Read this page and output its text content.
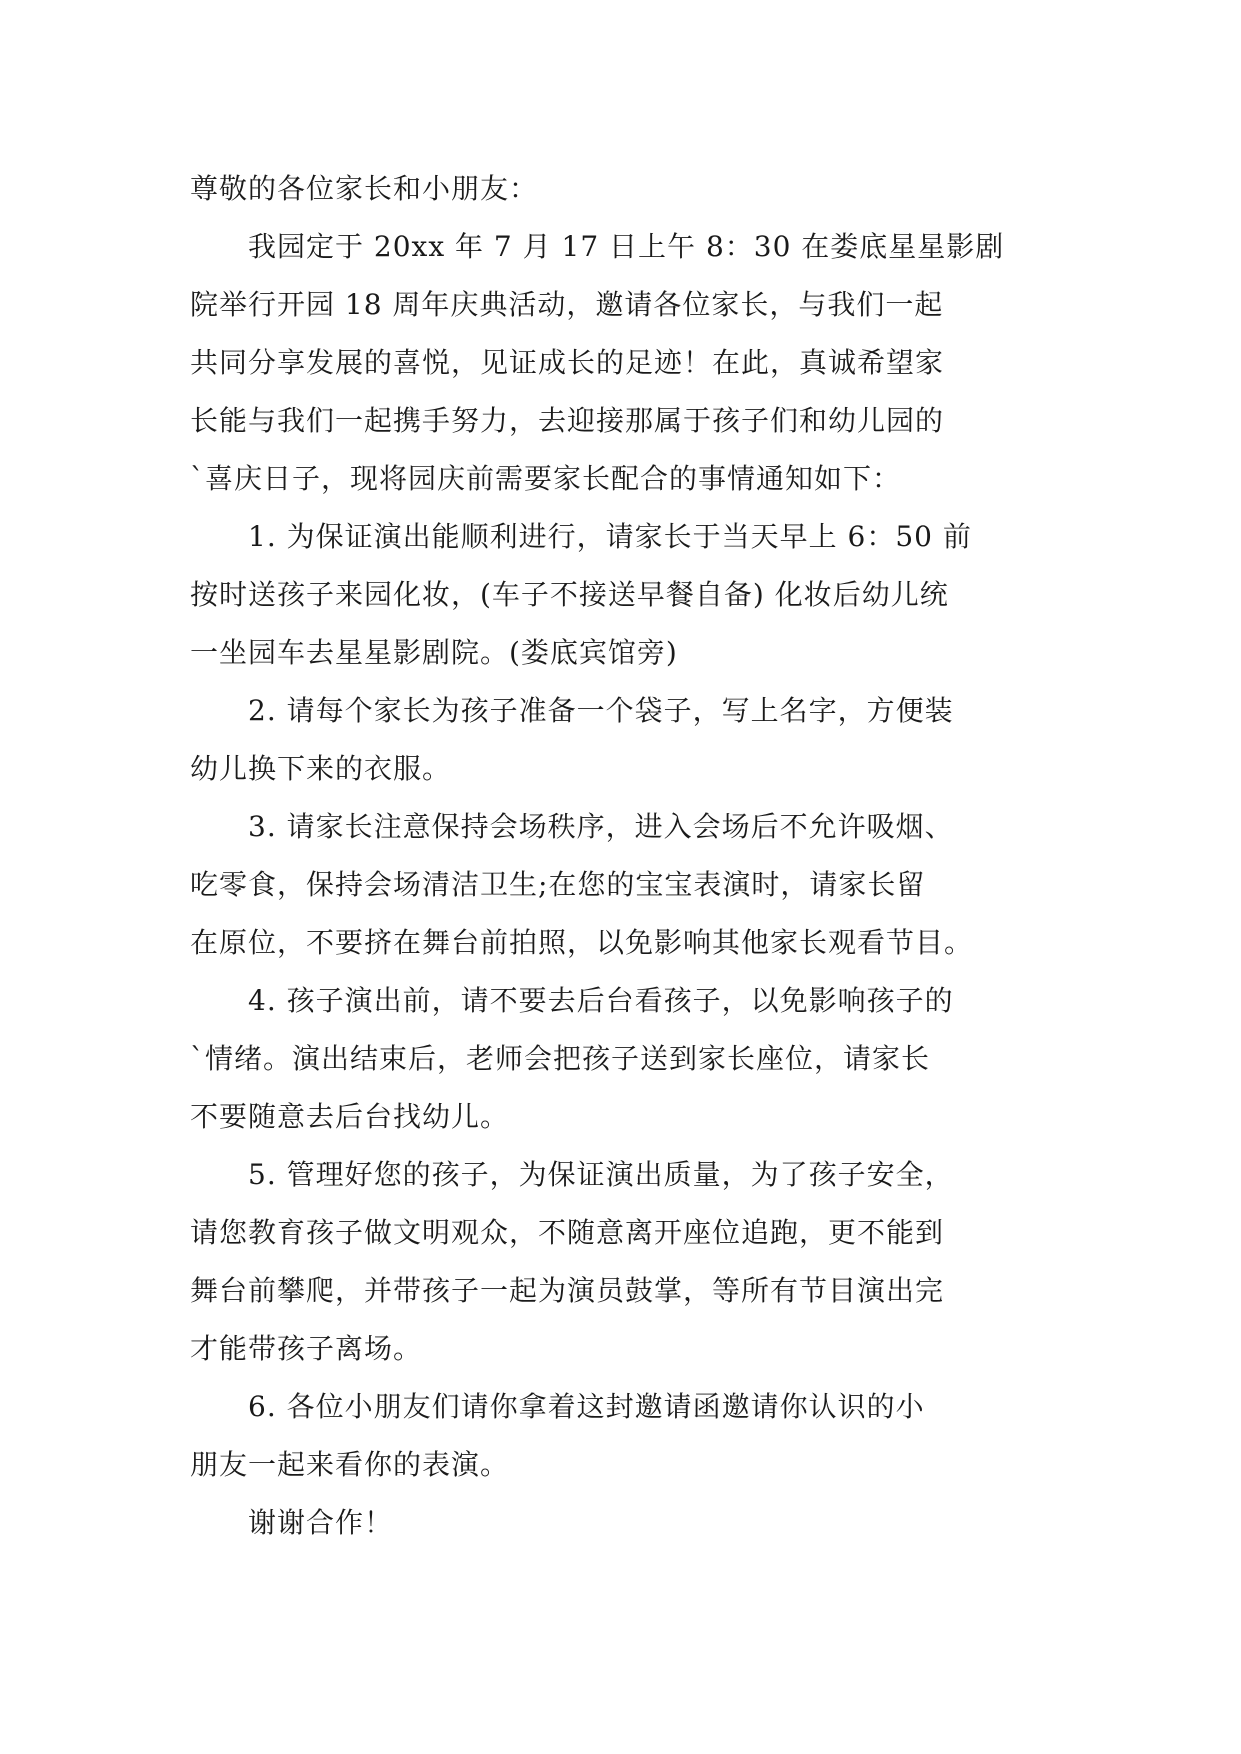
尊敬的各位家长和小朋友：
我园定于 20xx 年 7 月 17 日上午 8：30 在娄底星星影剧
院举行开园 18 周年庆典活动，邀请各位家长，与我们一起
共同分享发展的喜悦，见证成长的足迹！在此，真诚希望家
长能与我们一起携手努力，去迎接那属于孩子们和幼儿园的
`喜庆日子，现将园庆前需要家长配合的事情通知如下：
1. 为保证演出能顺利进行，请家长于当天早上 6：50 前
按时送孩子来园化妆，(车子不接送早餐自备) 化妆后幼儿统
一坐园车去星星影剧院。(娄底宾馆旁)
2. 请每个家长为孩子准备一个袋子，写上名字，方便装
幼儿换下来的衣服。
3. 请家长注意保持会场秩序，进入会场后不允许吸烟、
吃零食，保持会场清洁卫生;在您的宝宝表演时，请家长留
在原位，不要挤在舞台前拍照，以免影响其他家长观看节目。
4. 孩子演出前，请不要去后台看孩子，以免影响孩子的
`情绪。演出结束后，老师会把孩子送到家长座位，请家长
不要随意去后台找幼儿。
5. 管理好您的孩子，为保证演出质量，为了孩子安全，
请您教育孩子做文明观众，不随意离开座位追跑，更不能到
舞台前攀爬，并带孩子一起为演员鼓掌，等所有节目演出完
才能带孩子离场。
6. 各位小朋友们请你拿着这封邀请函邀请你认识的小
朋友一起来看你的表演。
谢谢合作！
